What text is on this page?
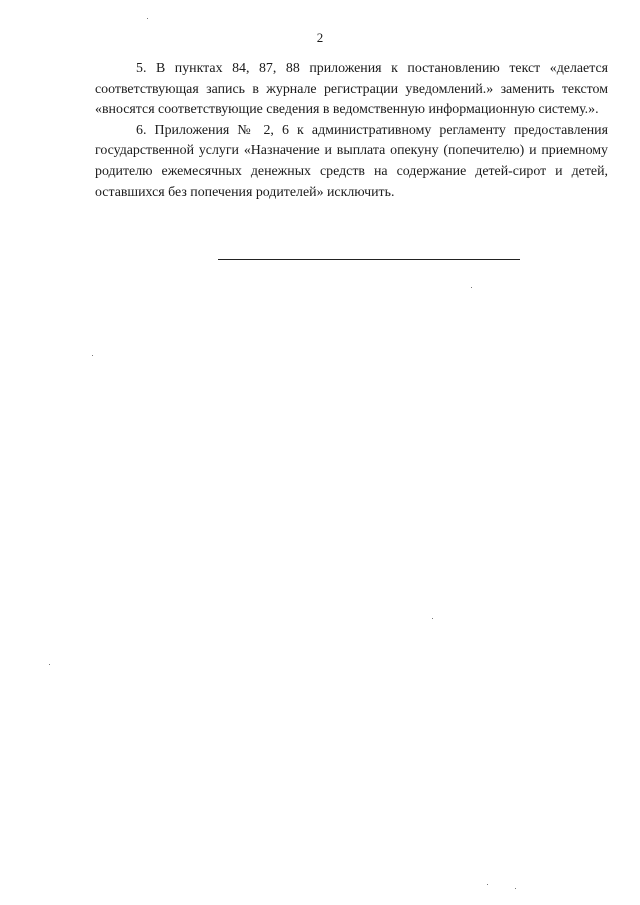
2

5. В пунктах 84, 87, 88 приложения к постановлению текст «делается соответствующая запись в журнале регистрации уведомлений.» заменить текстом «вносятся соответствующие сведения в ведомственную информационную систему.».

6. Приложения № 2, 6 к административному регламенту предоставления государственной услуги «Назначение и выплата опекуну (попечителю) и приемному родителю ежемесячных денежных средств на содержание детей-сирот и детей, оставшихся без попечения родителей» исключить.
